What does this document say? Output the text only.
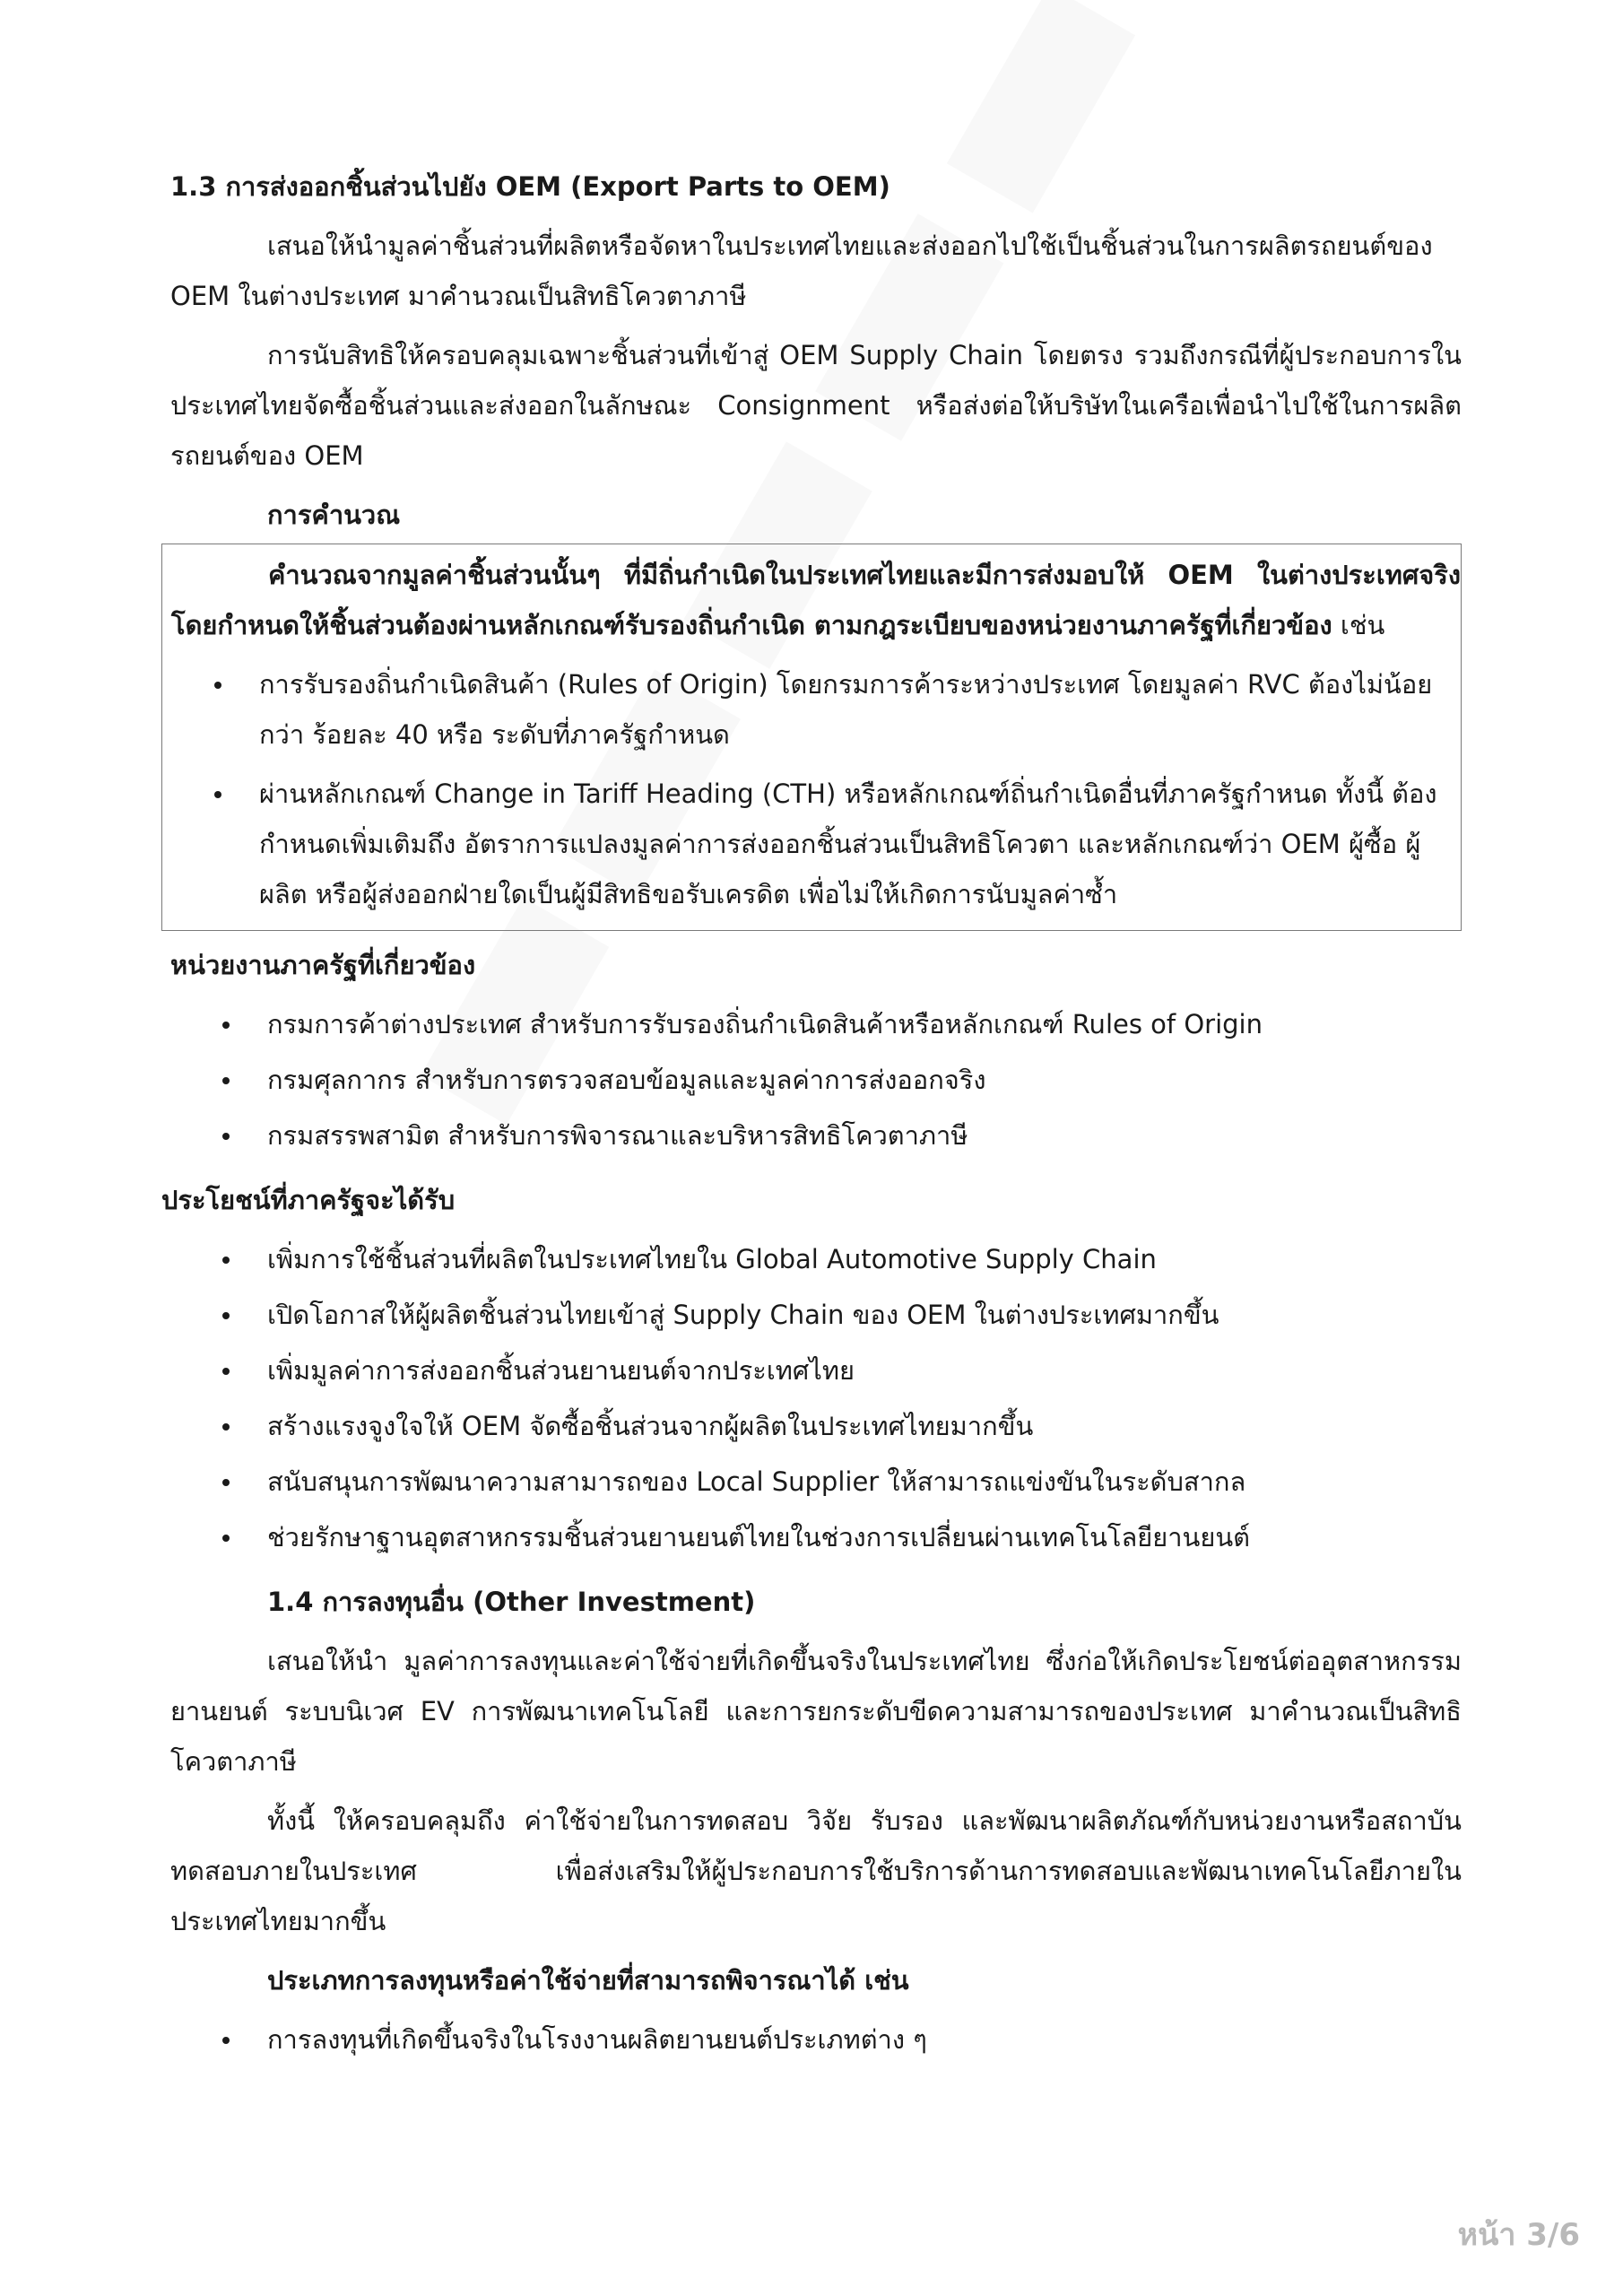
1.3 การส่งออกชิ้นส่วนไปยัง OEM (Export Parts to OEM)

เสนอให้นำมูลค่าชิ้นส่วนที่ผลิตหรือจัดหาในประเทศไทยและส่งออกไปใช้เป็นชิ้นส่วนในการผลิตรถยนต์ของ OEM ในต่างประเทศ มาคำนวณเป็นสิทธิโควตาภาษี

การนับสิทธิให้ครอบคลุมเฉพาะชิ้นส่วนที่เข้าสู่ OEM Supply Chain โดยตรง รวมถึงกรณีที่ผู้ประกอบการในประเทศไทยจัดซื้อชิ้นส่วนและส่งออกในลักษณะ Consignment หรือส่งต่อให้บริษัทในเครือเพื่อนำไปใช้ในการผลิตรถยนต์ของ OEM

การคำนวณ

คำนวณจากมูลค่าชิ้นส่วนนั้นๆ ที่มีถิ่นกำเนิดในประเทศไทยและมีการส่งมอบให้ OEM ในต่างประเทศจริง โดยกำหนดให้ชิ้นส่วนต้องผ่านหลักเกณฑ์รับรองถิ่นกำเนิด ตามกฎระเบียบของหน่วยงานภาครัฐที่เกี่ยวข้อง เช่น

การรับรองถิ่นกำเนิดสินค้า (Rules of Origin) โดยกรมการค้าระหว่างประเทศ โดยมูลค่า RVC ต้องไม่น้อยกว่า ร้อยละ 40 หรือ ระดับที่ภาครัฐกำหนด
ผ่านหลักเกณฑ์ Change in Tariff Heading (CTH) หรือหลักเกณฑ์ถิ่นกำเนิดอื่นที่ภาครัฐกำหนด ทั้งนี้ ต้องกำหนดเพิ่มเติมถึง อัตราการแปลงมูลค่าการส่งออกชิ้นส่วนเป็นสิทธิโควตา และหลักเกณฑ์ว่า OEM ผู้ซื้อ ผู้ผลิต หรือผู้ส่งออกฝ่ายใดเป็นผู้มีสิทธิขอรับเครดิต เพื่อไม่ให้เกิดการนับมูลค่าซ้ำ
หน่วยงานภาครัฐที่เกี่ยวข้อง
กรมการค้าต่างประเทศ สำหรับการรับรองถิ่นกำเนิดสินค้าหรือหลักเกณฑ์ Rules of Origin
กรมศุลกากร สำหรับการตรวจสอบข้อมูลและมูลค่าการส่งออกจริง
กรมสรรพสามิต สำหรับการพิจารณาและบริหารสิทธิโควตาภาษี
ประโยชน์ที่ภาครัฐจะได้รับ
เพิ่มการใช้ชิ้นส่วนที่ผลิตในประเทศไทยใน Global Automotive Supply Chain
เปิดโอกาสให้ผู้ผลิตชิ้นส่วนไทยเข้าสู่ Supply Chain ของ OEM ในต่างประเทศมากขึ้น
เพิ่มมูลค่าการส่งออกชิ้นส่วนยานยนต์จากประเทศไทย
สร้างแรงจูงใจให้ OEM จัดซื้อชิ้นส่วนจากผู้ผลิตในประเทศไทยมากขึ้น
สนับสนุนการพัฒนาความสามารถของ Local Supplier ให้สามารถแข่งขันในระดับสากล
ช่วยรักษาฐานอุตสาหกรรมชิ้นส่วนยานยนต์ไทยในช่วงการเปลี่ยนผ่านเทคโนโลยียานยนต์
1.4 การลงทุนอื่น (Other Investment)

เสนอให้นำ มูลค่าการลงทุนและค่าใช้จ่ายที่เกิดขึ้นจริงในประเทศไทย ซึ่งก่อให้เกิดประโยชน์ต่ออุตสาหกรรมยานยนต์ ระบบนิเวศ EV การพัฒนาเทคโนโลยี และการยกระดับขีดความสามารถของประเทศ มาคำนวณเป็นสิทธิโควตาภาษี

ทั้งนี้ ให้ครอบคลุมถึง ค่าใช้จ่ายในการทดสอบ วิจัย รับรอง และพัฒนาผลิตภัณฑ์กับหน่วยงานหรือสถาบันทดสอบภายในประเทศ เพื่อส่งเสริมให้ผู้ประกอบการใช้บริการด้านการทดสอบและพัฒนาเทคโนโลยีภายในประเทศไทยมากขึ้น

ประเภทการลงทุนหรือค่าใช้จ่ายที่สามารถพิจารณาได้ เช่น
การลงทุนที่เกิดขึ้นจริงในโรงงานผลิตยานยนต์ประเภทต่าง ๆ
หน้า 3/6
